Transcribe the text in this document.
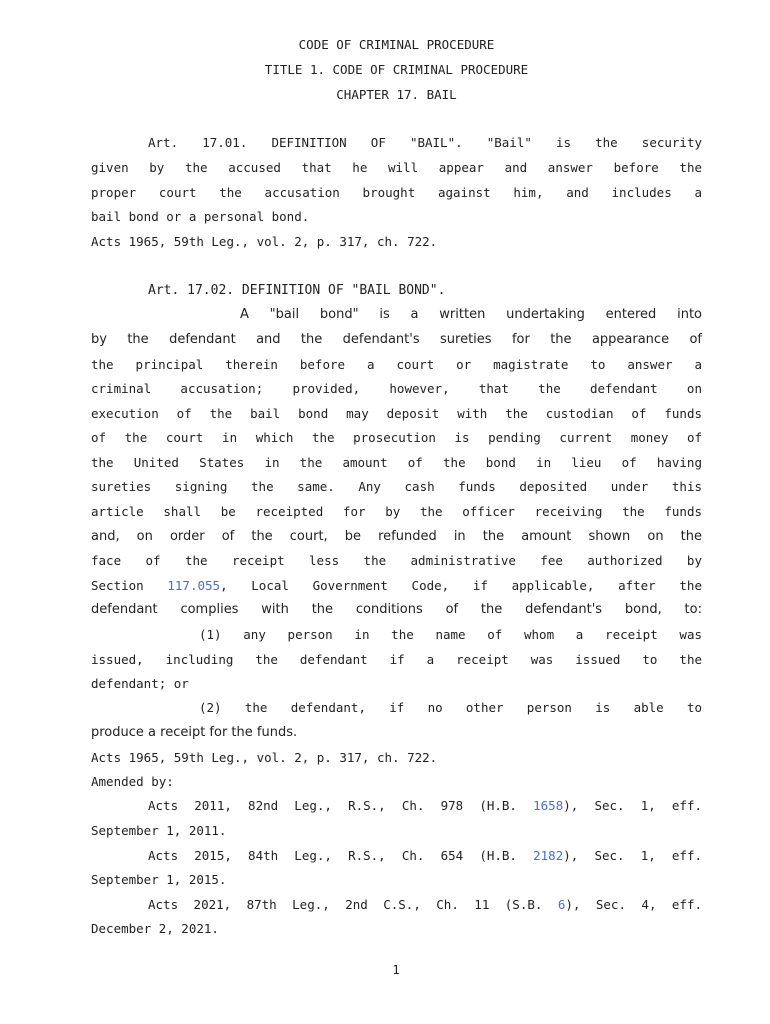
CODE OF CRIMINAL PROCEDURE
TITLE 1. CODE OF CRIMINAL PROCEDURE
CHAPTER 17. BAIL
Art. 17.01. DEFINITION OF "BAIL". "Bail" is the security
given by the accused that he will appear and answer before the
proper court the accusation brought against him, and includes a
bail bond or a personal bond.
Acts 1965, 59th Leg., vol. 2, p. 317, ch. 722.
Art. 17.02. DEFINITION OF "BAIL BOND".
A "bail bond" is a written undertaking entered into
by the defendant and the defendant's sureties for the appearance of
the principal therein before a court or magistrate to answer a
criminal accusation; provided, however, that the defendant on
execution of the bail bond may deposit with the custodian of funds
of the court in which the prosecution is pending current money of
the United States in the amount of the bond in lieu of having
sureties signing the same. Any cash funds deposited under this
article shall be receipted for by the officer receiving the funds
and, on order of the court, be refunded in the amount shown on the
face of the receipt less the administrative fee authorized by
Section 117.055, Local Government Code, if applicable, after the
defendant complies with the conditions of the defendant's bond, to:
(1) any person in the name of whom a receipt was
issued, including the defendant if a receipt was issued to the
defendant; or
(2) the defendant, if no other person is able to
produce a receipt for the funds.
Acts 1965, 59th Leg., vol. 2, p. 317, ch. 722.
Amended by:
Acts 2011, 82nd Leg., R.S., Ch. 978 (H.B. 1658), Sec. 1, eff.
September 1, 2011.
Acts 2015, 84th Leg., R.S., Ch. 654 (H.B. 2182), Sec. 1, eff.
September 1, 2015.
Acts 2021, 87th Leg., 2nd C.S., Ch. 11 (S.B. 6), Sec. 4, eff.
December 2, 2021.
1
